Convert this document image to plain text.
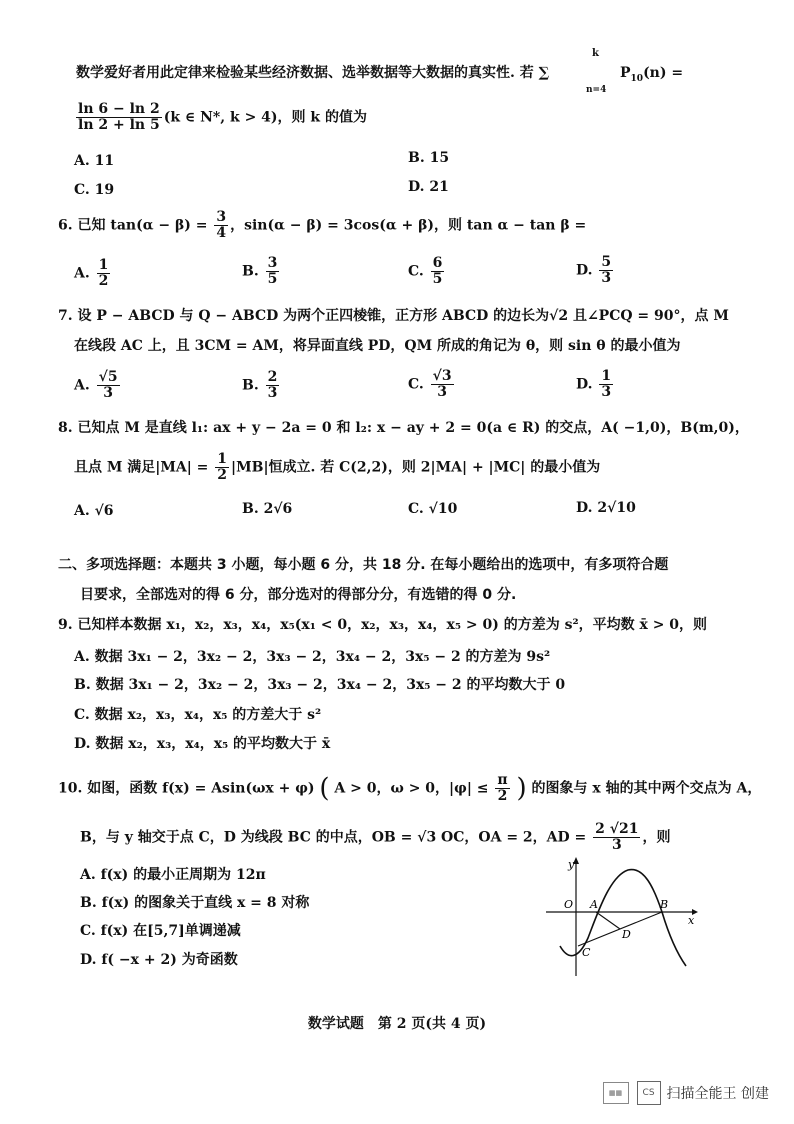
数学爱好者用此定律来检验某些经济数据、选举数据等大数据的真实性. 若 ∑
k
n=4
$P_{10}(n)$ =
$\frac{\ln 6 - \ln 2}{\ln 2 + \ln 5} (k$ ∈ N*, k > 4)，则 k 的值为
A. 11	B. 15
C. 19	D. 21
6. 已知 $\tan(\alpha - \beta) = \frac{3}{4}$ ，sin(α − β) = 3cos(α + β)，则 tan α − tan β =
A. $\frac{1}{2}$	B. $\frac{3}{5}$	C. $\frac{6}{5}$	D. $\frac{5}{3}$
7. 设 P − ABCD 与 Q − ABCD 为两个正四棱锥，正方形 ABCD 的边长为√2 且∠PCQ = 90°，点 M
在线段 AC 上，且 3CM = AM，将异面直线 PD，QM 所成的角记为 θ，则 sin θ 的最小值为
A. $\frac{√5}{3}$	B. $\frac{2}{3}$	C. $\frac{√3}{3}$	D. $\frac{1}{3}$
8. 已知点 M 是直线 l₁: ax + y − 2a = 0 和 l₂: x − ay + 2 = 0(a ∈ R) 的交点，A( −1,0)，B(m,0)，
且点 M 满足$|MA| = \frac{1}{2} |MB|$恒成立. 若 C(2,2)，则 2|MA| + |MC| 的最小值为
A. √6	B. 2√6	C. √10	D. 2√10
二、多项选择题：本题共 3 小题，每小题 6 分，共 18 分. 在每小题给出的选项中，有多项符合题
目要求，全部选对的得 6 分，部分选对的得部分分，有选错的得 0 分.
9. 已知样本数据 x₁，x₂，x₃，x₄，x₅(x₁ < 0，x₂，x₃，x₄，x₅ > 0) 的方差为 s²，平均数 x̄ > 0，则
A. 数据 3x₁ − 2，3x₂ − 2，3x₃ − 2，3x₄ − 2，3x₅ − 2 的方差为 9s²
B. 数据 3x₁ − 2，3x₂ − 2，3x₃ − 2，3x₄ − 2，3x₅ − 2 的平均数大于 0
C. 数据 x₂，x₃，x₄，x₅ 的方差大于 s²
D. 数据 x₂，x₃，x₄，x₅ 的平均数大于 x̄
10. 如图，函数 f(x) = Asin(ωx + φ) ( A > 0，ω > 0，$|\varphi| \le \frac{\pi}{2}$ ) 的图象与 x 轴的其中两个交点为 A，
B，与 y 轴交于点 C，D 为线段 BC 的中点，OB = √3 OC，OA = 2，AD = $\frac{2 √21}{3}$ ，则
A. f(x) 的最小正周期为 12π
B. f(x) 的图象关于直线 x = 8 对称
C. f(x) 在[5,7]单调递减
D. f( −x + 2) 为奇函数
y
x
O A	B
C
D
数学试题　第 2 页(共 4 页)
▦▦	CS 扫描全能王 创建
